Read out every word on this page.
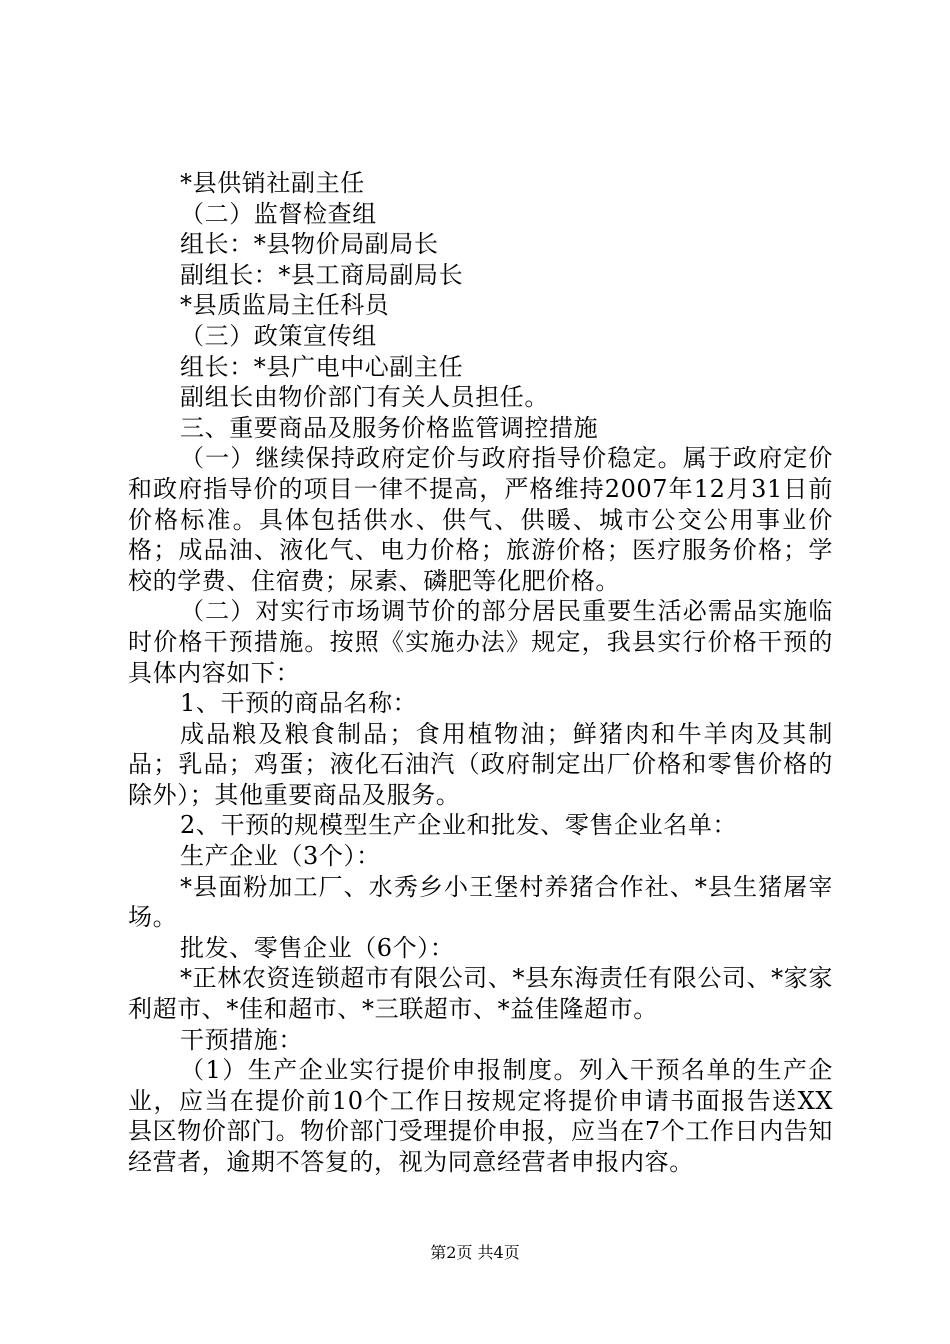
*县供销社副主任

（二）监督检查组

组长：*县物价局副局长

副组长：*县工商局副局长

*县质监局主任科员

（三）政策宣传组

组长：*县广电中心副主任

副组长由物价部门有关人员担任。

三、重要商品及服务价格监管调控措施

（一）继续保持政府定价与政府指导价稳定。属于政府定价和政府指导价的项目一律不提高，严格维持2007年12月31日前价格标准。具体包括供水、供气、供暖、城市公交公用事业价格；成品油、液化气、电力价格；旅游价格；医疗服务价格；学校的学费、住宿费；尿素、磷肥等化肥价格。

（二）对实行市场调节价的部分居民重要生活必需品实施临时价格干预措施。按照《实施办法》规定，我县实行价格干预的具体内容如下：

1、干预的商品名称：

成品粮及粮食制品；食用植物油；鲜猪肉和牛羊肉及其制品；乳品；鸡蛋；液化石油汽（政府制定出厂价格和零售价格的除外）；其他重要商品及服务。

2、干预的规模型生产企业和批发、零售企业名单：

生产企业（3个）：

*县面粉加工厂、水秀乡小王堡村养猪合作社、*县生猪屠宰场。

批发、零售企业（6个）：

*正林农资连锁超市有限公司、*县东海责任有限公司、*家家利超市、*佳和超市、*三联超市、*益佳隆超市。

干预措施：

（1）生产企业实行提价申报制度。列入干预名单的生产企业，应当在提价前10个工作日按规定将提价申请书面报告送XX县区物价部门。物价部门受理提价申报，应当在7个工作日内告知经营者，逾期不答复的，视为同意经营者申报内容。

第2页 共4页
